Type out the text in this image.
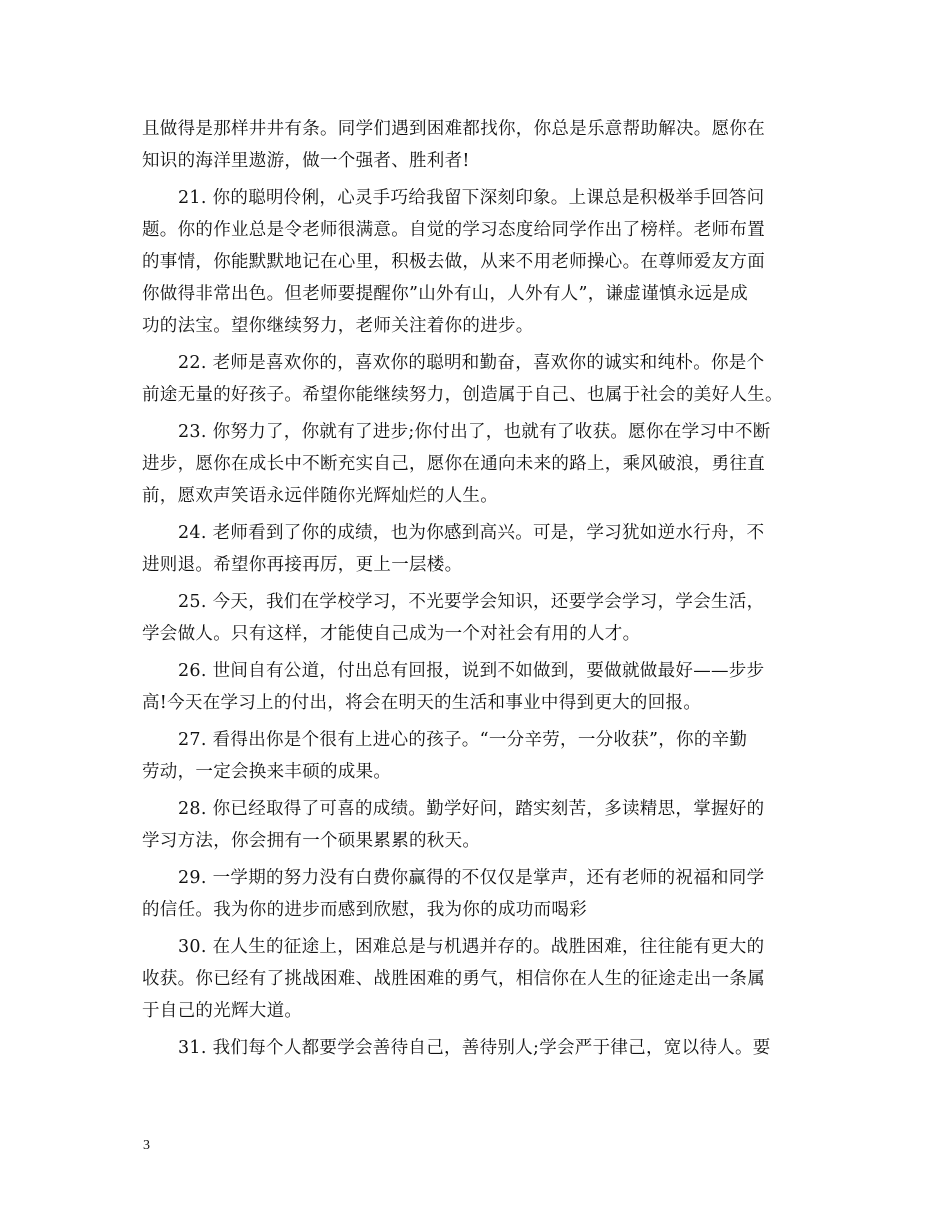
且做得是那样井井有条。同学们遇到困难都找你，你总是乐意帮助解决。愿你在
知识的海洋里遨游，做一个强者、胜利者!
21. 你的聪明伶俐，心灵手巧给我留下深刻印象。上课总是积极举手回答问
题。你的作业总是令老师很满意。自觉的学习态度给同学作出了榜样。老师布置
的事情，你能默默地记在心里，积极去做，从来不用老师操心。在尊师爱友方面
你做得非常出色。但老师要提醒你”山外有山，人外有人”，谦虚谨慎永远是成
功的法宝。望你继续努力，老师关注着你的进步。
22. 老师是喜欢你的，喜欢你的聪明和勤奋，喜欢你的诚实和纯朴。你是个
前途无量的好孩子。希望你能继续努力，创造属于自己、也属于社会的美好人生。
23. 你努力了，你就有了进步;你付出了，也就有了收获。愿你在学习中不断
进步，愿你在成长中不断充实自己，愿你在通向未来的路上，乘风破浪，勇往直
前，愿欢声笑语永远伴随你光辉灿烂的人生。
24. 老师看到了你的成绩，也为你感到高兴。可是，学习犹如逆水行舟，不
进则退。希望你再接再厉，更上一层楼。
25. 今天，我们在学校学习，不光要学会知识，还要学会学习，学会生活，
学会做人。只有这样，才能使自己成为一个对社会有用的人才。
26. 世间自有公道，付出总有回报，说到不如做到，要做就做最好——步步
高!今天在学习上的付出，将会在明天的生活和事业中得到更大的回报。
27. 看得出你是个很有上进心的孩子。“一分辛劳，一分收获”，你的辛勤
劳动，一定会换来丰硕的成果。
28. 你已经取得了可喜的成绩。勤学好问，踏实刻苦，多读精思，掌握好的
学习方法，你会拥有一个硕果累累的秋天。
29. 一学期的努力没有白费你赢得的不仅仅是掌声，还有老师的祝福和同学
的信任。我为你的进步而感到欣慰，我为你的成功而喝彩
30. 在人生的征途上，困难总是与机遇并存的。战胜困难，往往能有更大的
收获。你已经有了挑战困难、战胜困难的勇气，相信你在人生的征途走出一条属
于自己的光辉大道。
31. 我们每个人都要学会善待自己，善待别人;学会严于律己，宽以待人。要
3
